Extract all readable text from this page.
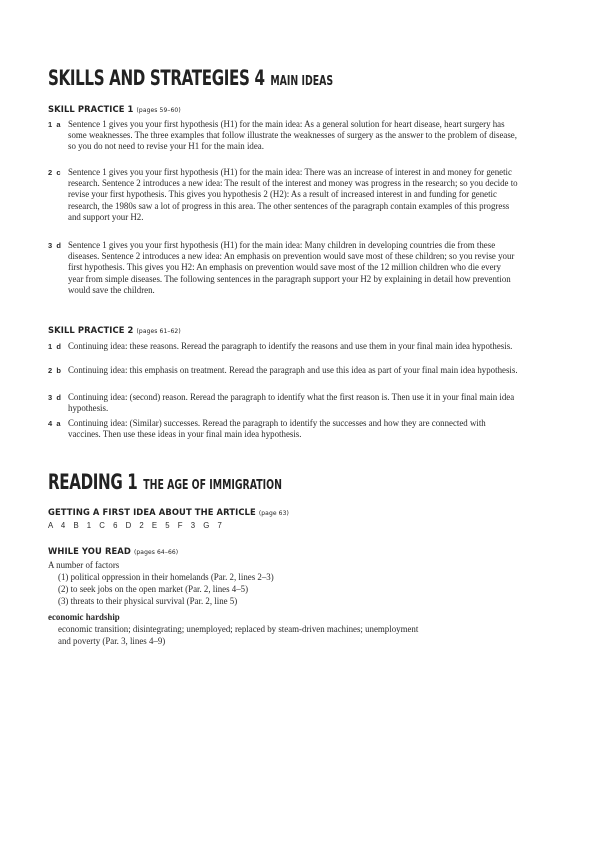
SKILLS AND STRATEGIES 4 MAIN IDEAS
SKILL PRACTICE 1 (pages 59–60)
1 a Sentence 1 gives you your first hypothesis (H1) for the main idea: As a general solution for heart disease, heart surgery has some weaknesses. The three examples that follow illustrate the weaknesses of surgery as the answer to the problem of disease, so you do not need to revise your H1 for the main idea.
2 c Sentence 1 gives you your first hypothesis (H1) for the main idea: There was an increase of interest in and money for genetic research. Sentence 2 introduces a new idea: The result of the interest and money was progress in the research; so you decide to revise your first hypothesis. This gives you hypothesis 2 (H2): As a result of increased interest in and funding for genetic research, the 1980s saw a lot of progress in this area. The other sentences of the paragraph contain examples of this progress and support your H2.
3 d Sentence 1 gives you your first hypothesis (H1) for the main idea: Many children in developing countries die from these diseases. Sentence 2 introduces a new idea: An emphasis on prevention would save most of these children; so you revise your first hypothesis. This gives you H2: An emphasis on prevention would save most of the 12 million children who die every year from simple diseases. The following sentences in the paragraph support your H2 by explaining in detail how prevention would save the children.
SKILL PRACTICE 2 (pages 61–62)
1 d Continuing idea: these reasons. Reread the paragraph to identify the reasons and use them in your final main idea hypothesis.
2 b Continuing idea: this emphasis on treatment. Reread the paragraph and use this idea as part of your final main idea hypothesis.
3 d Continuing idea: (second) reason. Reread the paragraph to identify what the first reason is. Then use it in your final main idea hypothesis.
4 a Continuing idea: (Similar) successes. Reread the paragraph to identify the successes and how they are connected with vaccines. Then use these ideas in your final main idea hypothesis.
READING 1 THE AGE OF IMMIGRATION
GETTING A FIRST IDEA ABOUT THE ARTICLE (page 63)
A 4 B 1 C 6 D 2 E 5 F 3 G 7
WHILE YOU READ (pages 64–66)
A number of factors
(1) political oppression in their homelands (Par. 2, lines 2–3)
(2) to seek jobs on the open market (Par. 2, lines 4–5)
(3) threats to their physical survival (Par. 2, line 5)
economic hardship
economic transition; disintegrating; unemployed; replaced by steam-driven machines; unemployment
and poverty (Par. 3, lines 4–9)
